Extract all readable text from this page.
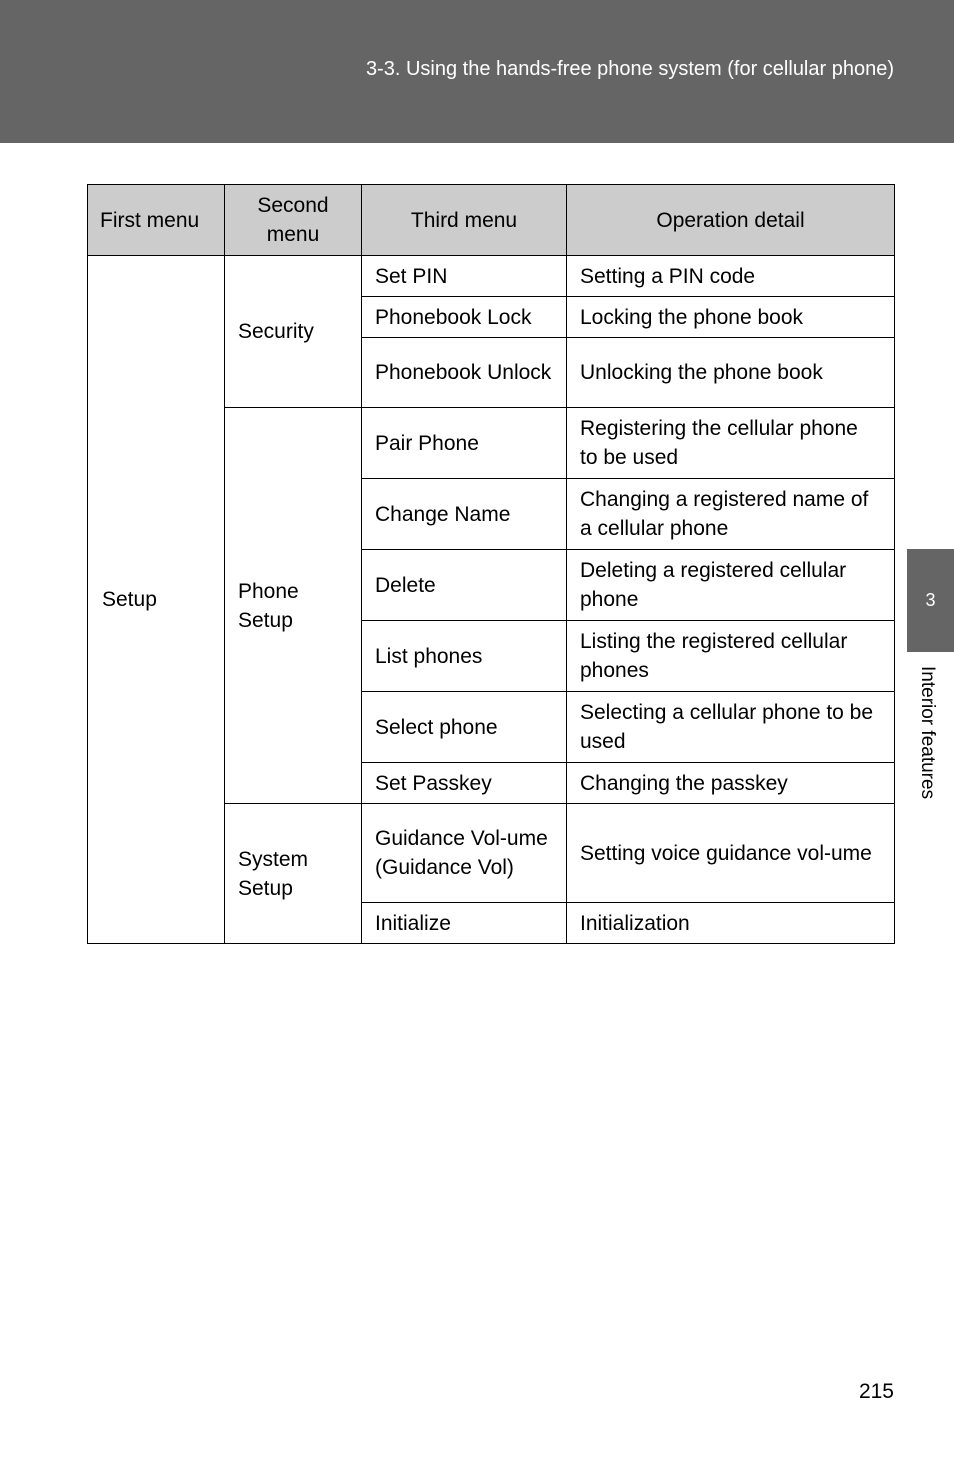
3-3. Using the hands-free phone system (for cellular phone)
3
Interior features
First menu	Second menu	Third menu	Operation detail
Setup	Security	Set PIN	Setting a PIN code
		Phonebook Lock	Locking the phone book
		Phonebook Unlock	Unlocking the phone book
	Phone Setup	Pair Phone	Registering the cellular phone to be used
		Change Name	Changing a registered name of a cellular phone
		Delete	Deleting a registered cellular phone
		List phones	Listing the registered cellular phones
		Select phone	Selecting a cellular phone to be used
		Set Passkey	Changing the passkey
	System Setup	Guidance Vol-ume (Guidance Vol)	Setting voice guidance vol-ume
		Initialize	Initialization
215
